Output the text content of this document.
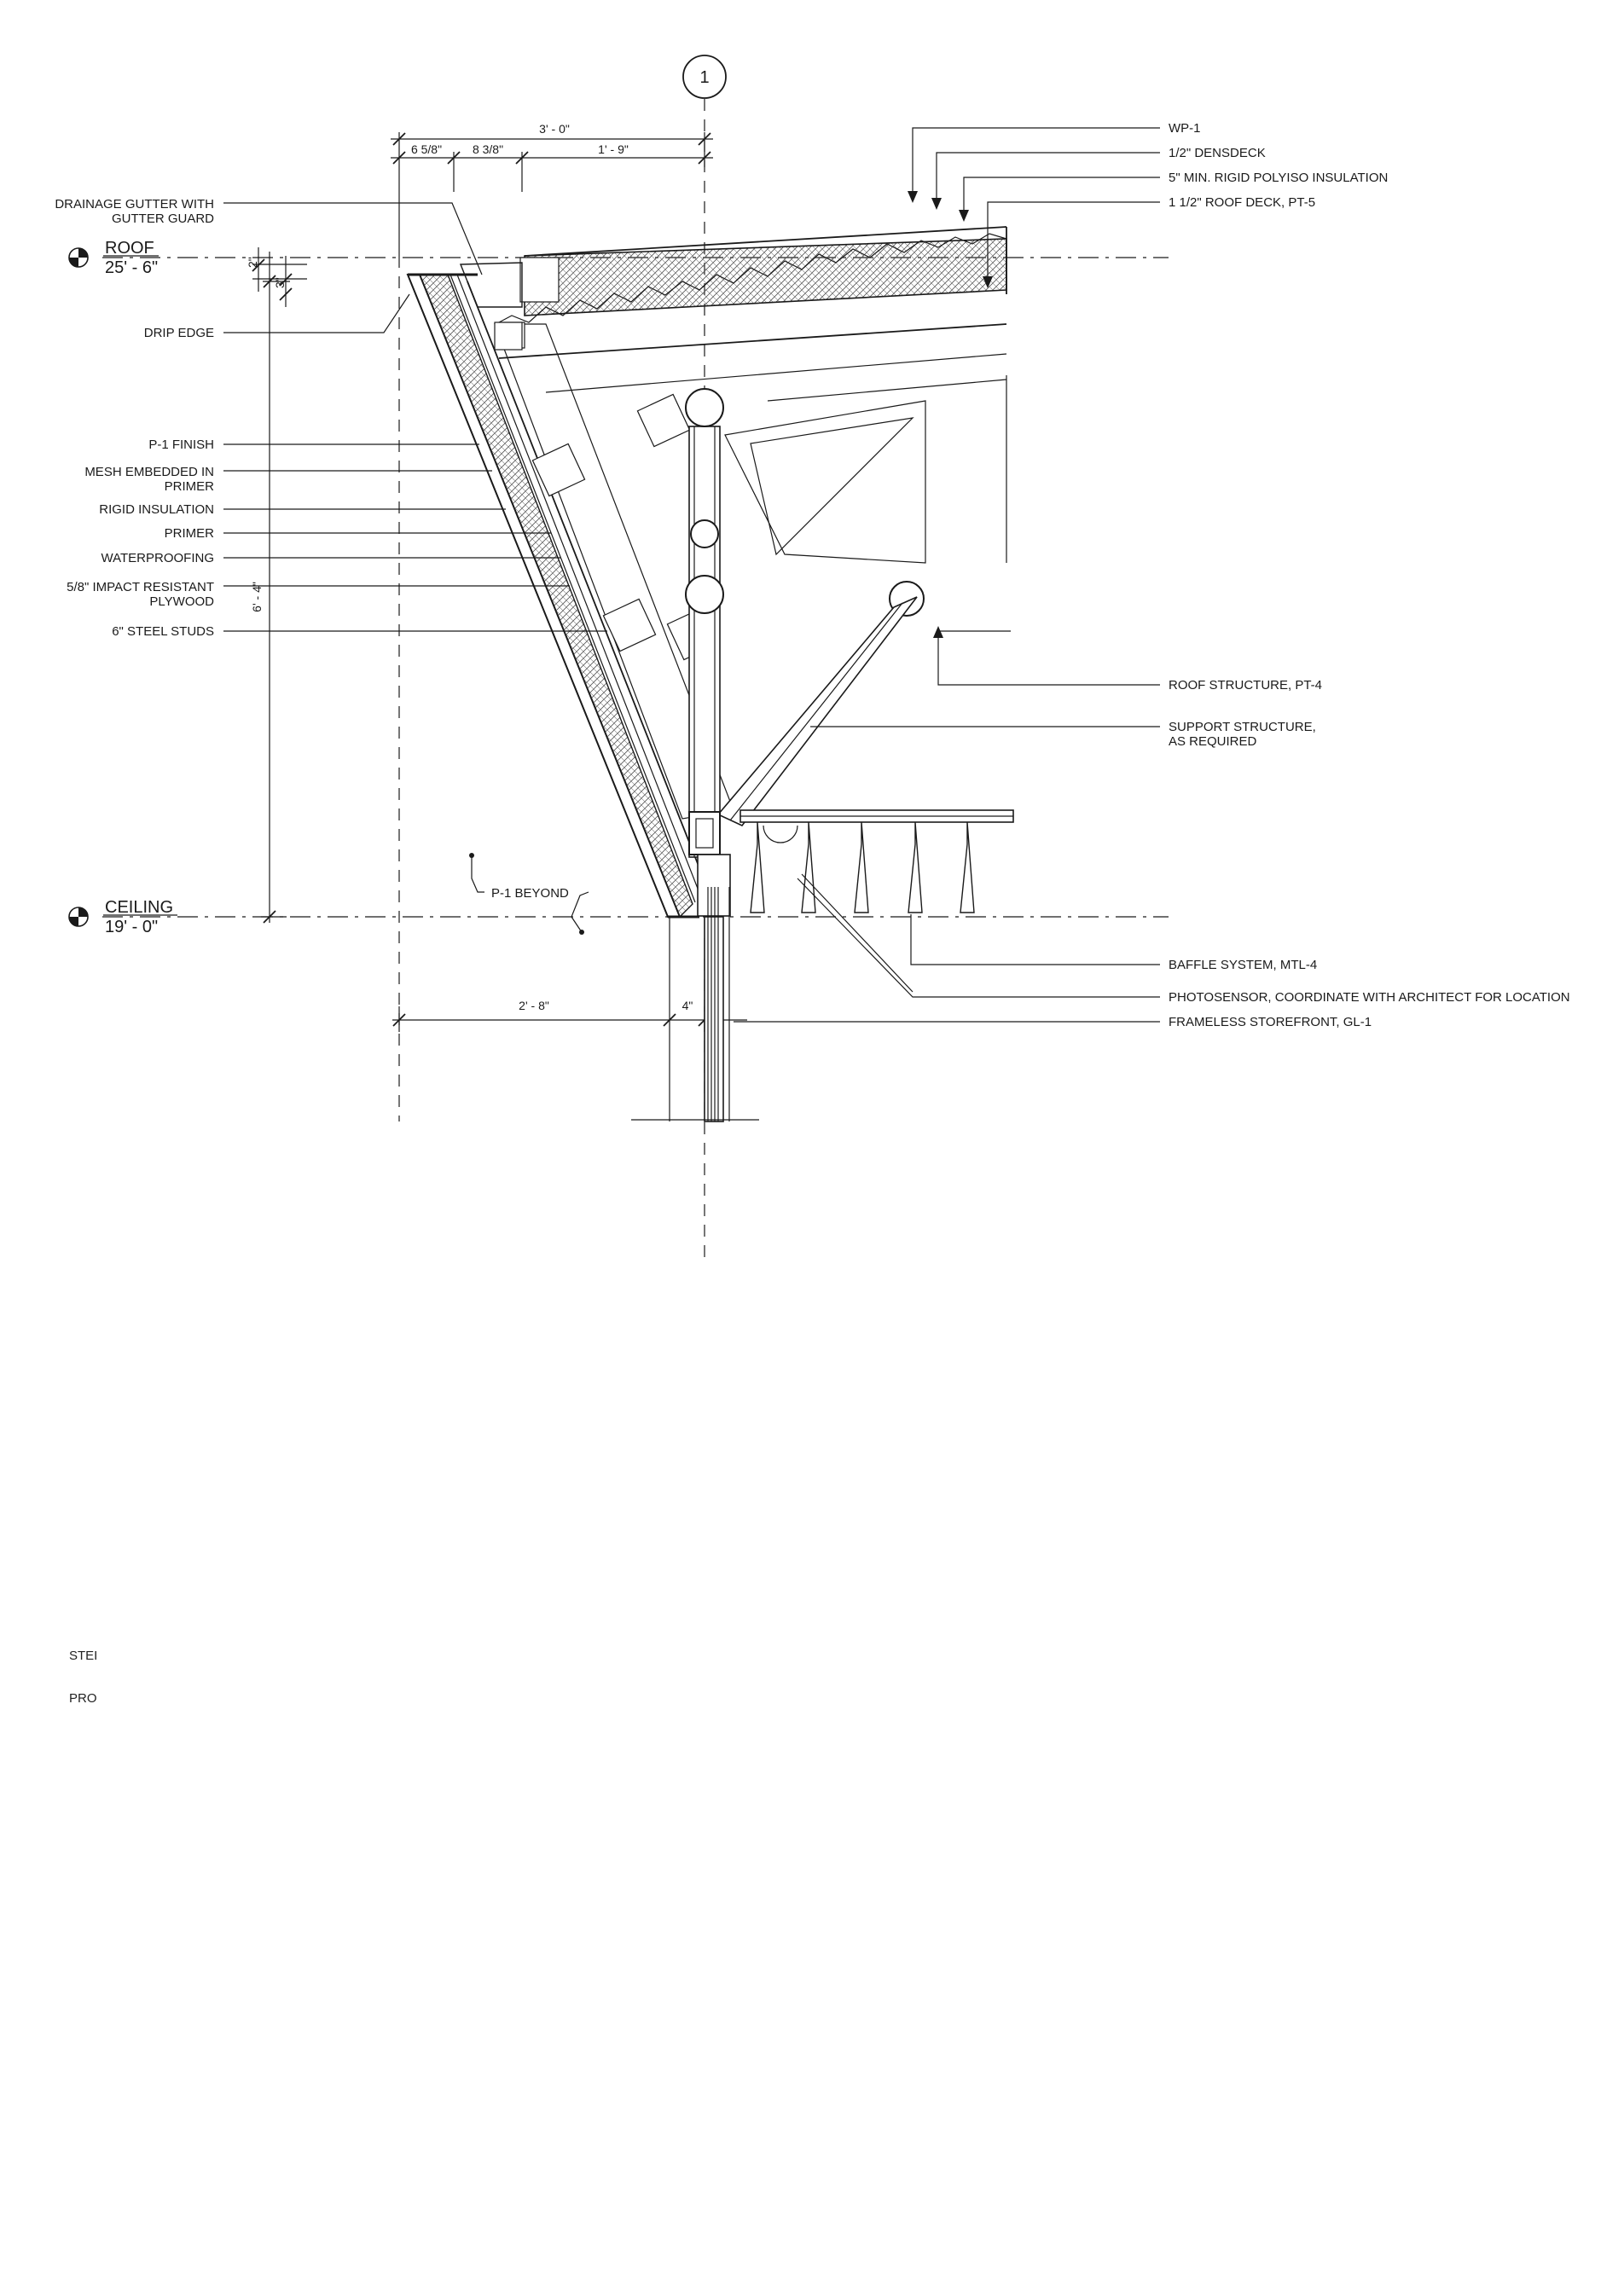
1
ROOF
25' - 6"
CEILING
19' - 0"
3' - 0"
6 5/8"	8 3/8"	1' - 9"
2"
3"
6' - 4"
2' - 8"	4"
P-1 BEYOND
DRAINAGE GUTTER WITH
GUTTER GUARD
DRIP EDGE
P-1 FINISH
MESH EMBEDDED IN
PRIMER
RIGID INSULATION
PRIMER
WATERPROOFING
5/8" IMPACT RESISTANT
PLYWOOD
6" STEEL STUDS
WP-1
1/2" DENSDECK
5" MIN. RIGID POLYISO INSULATION
1 1/2" ROOF DECK, PT-5
ROOF STRUCTURE, PT-4
SUPPORT STRUCTURE,
AS REQUIRED
BAFFLE SYSTEM, MTL-4
PHOTOSENSOR, COORDINATE WITH ARCHITECT FOR LOCATION
FRAMELESS STOREFRONT, GL-1
STEI
PRO
